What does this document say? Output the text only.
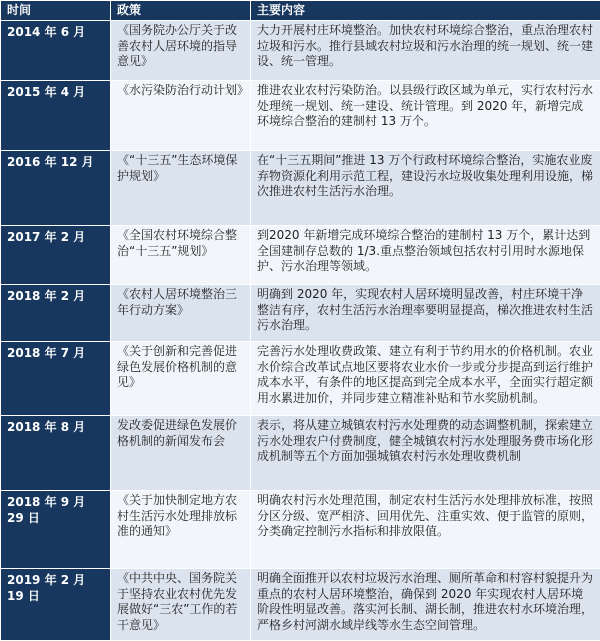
时间	政策	主要内容
2014 年 6 月	《国务院办公厅关于改善农村人居环境的指导意见》	大力开展村庄环境整治。加快农村环境综合整治，重点治理农村垃圾和污水。推行县域农村垃圾和污水治理的统一规划、统一建设、统一管理。
2015 年 4 月	《水污染防治行动计划》	推进农业农村污染防治。以县级行政区域为单元，实行农村污水处理统一规划、统一建设、统计管理。到 2020 年，新增完成环境综合整治的建制村 13 万个。
2016 年 12 月	《“十三五”生态环境保护规划》	在“十三五期间”推进 13 万个行政村环境综合整治，实施农业废弃物资源化利用示范工程，建设污水垃圾收集处理利用设施，梯次推进农村生活污水治理。
2017 年 2 月	《全国农村环境综合整治“十三五”规划》	到2020 年新增完成环境综合整治的建制村 13 万个，累计达到全国建制存总数的 1/3.重点整治领域包括农村引用时水源地保护、污水治理等领域。
2018 年 2 月	《农村人居环境整治三年行动方案》	明确到 2020 年，实现农村人居环境明显改善，村庄环境干净整洁有序，农村生活污水治理率要明显提高，梯次推进农村生活污水治理。
2018 年 7 月	《关于创新和完善促进绿色发展价格机制的意见》	完善污水处理收费政策、建立有利于节约用水的价格机制。农业水价综合改革试点地区要将农业水价一步或分步提高到运行维护成本水平，有条件的地区提高到完全成本水平，全面实行超定额用水累进加价，并同步建立精准补贴和节水奖励机制。
2018 年 8 月	发改委促进绿色发展价格机制的新闻发布会	表示，将从建立城镇农村污水处理费的动态调整机制，探索建立污水处理农户付费制度，健全城镇农村污水处理服务费市场化形成机制等五个方面加强城镇农村污水处理收费机制
2018 年 9 月 29 日	《关于加快制定地方农村生活污水处理排放标准的通知》	明确农村污水处理范围，制定农村生活污水处理排放标准，按照分区分级、宽严相济、回用优先、注重实效、便于监管的原则，分类确定控制污水指标和排放限值。
2019 年 2 月 19 日	《中共中央、国务院关于坚持农业农村优先发展做好“三农”工作的若干意见》	明确全面推开以农村垃圾污水治理、厕所革命和村容村貌提升为重点的农村人居环境整治，确保到 2020 年实现农村人居环境阶段性明显改善。落实河长制、湖长制，推进农村水环境治理，严格乡村河湖水域岸线等水生态空间管理。
